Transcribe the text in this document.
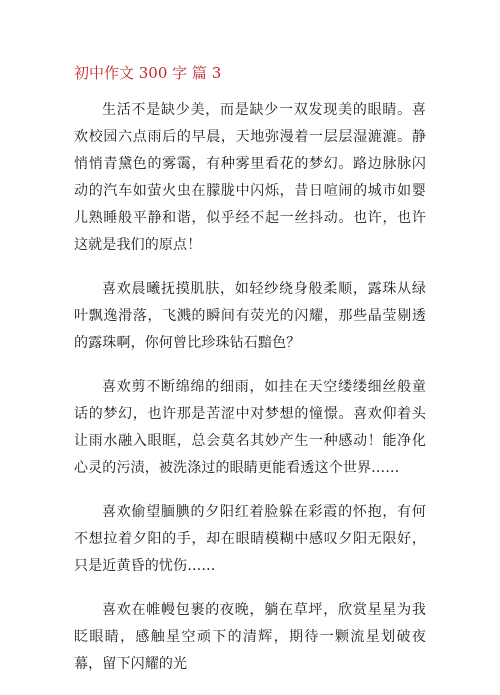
初中作文 300 字 篇 3

生活不是缺少美，而是缺少一双发现美的眼睛。喜欢校园六点雨后的早晨，天地弥漫着一层层湿漉漉。静悄悄青黛色的雾霭，有种雾里看花的梦幻。路边脉脉闪动的汽车如萤火虫在朦胧中闪烁，昔日喧闹的城市如婴儿熟睡般平静和谐，似乎经不起一丝抖动。也许，也许这就是我们的原点！

喜欢晨曦抚摸肌肤，如轻纱绕身般柔顺，露珠从绿叶飘逸滑落，飞溅的瞬间有荧光的闪耀，那些晶莹剔透的露珠啊，你何曾比珍珠钻石黯色？

喜欢剪不断绵绵的细雨，如挂在天空缕缕细丝般童话的梦幻，也许那是苦涩中对梦想的憧憬。喜欢仰着头让雨水融入眼眶，总会莫名其妙产生一种感动！能净化心灵的污渍，被洗涤过的眼睛更能看透这个世界……

喜欢偷望腼腆的夕阳红着脸躲在彩霞的怀抱，有何不想拉着夕阳的手，却在眼睛模糊中感叹夕阳无限好，只是近黄昏的忧伤……

喜欢在帷幔包裹的夜晚，躺在草坪，欣赏星星为我眨眼睛，感触星空顽下的清辉，期待一颗流星划破夜幕，留下闪耀的光
